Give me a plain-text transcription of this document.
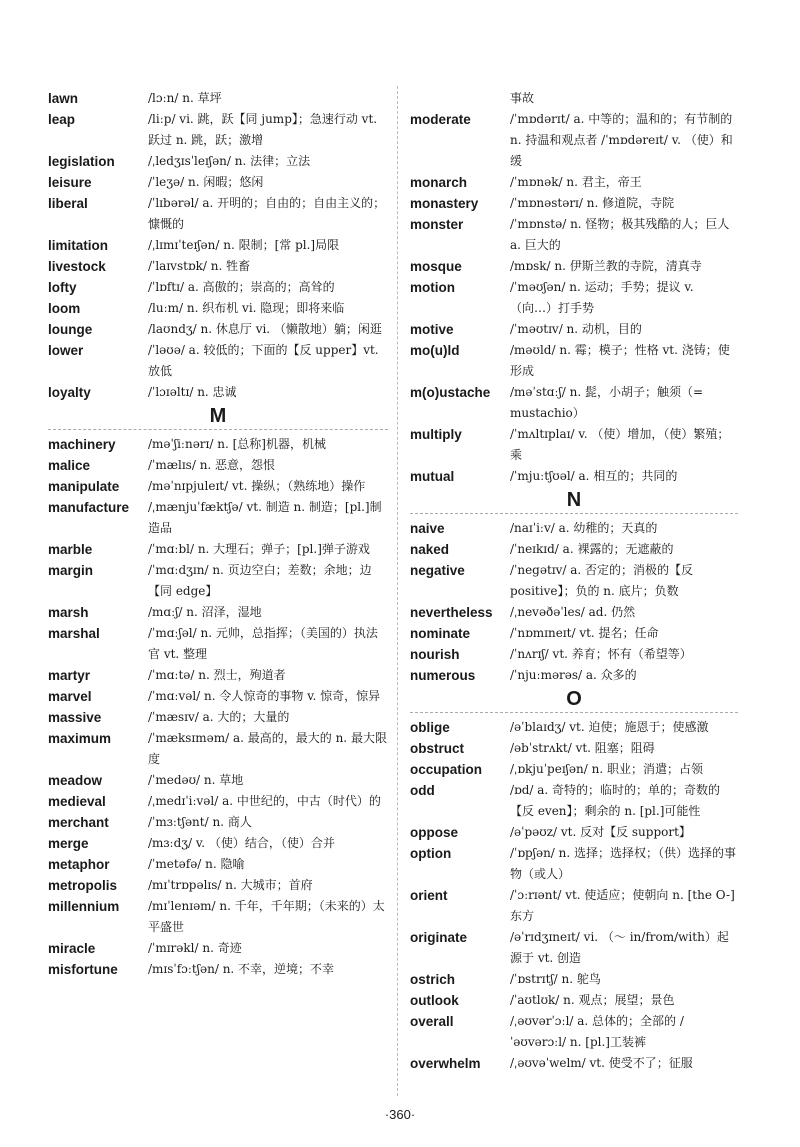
lawn	/lɔːn/ n. 草坪
leap	/liːp/ vi. 跳，跃【同 jump】；急速行动 vt. 跃过 n. 跳，跃；激增
legislation	/ˌledʒɪsˈleɪʃən/ n. 法律；立法
leisure	/ˈleʒə/ n. 闲暇；悠闲
liberal	/ˈlɪbərəl/ a. 开明的；自由的；自由主义的；慷慨的
limitation	/ˌlɪmɪˈteɪʃən/ n. 限制；[常 pl.]局限
livestock	/ˈlaɪvstɒk/ n. 牲畜
lofty	/ˈlɒftɪ/ a. 高傲的；崇高的；高耸的
loom	/luːm/ n. 织布机 vi. 隐现；即将来临
lounge	/laʊndʒ/ n. 休息厅 vi. （懒散地）躺；闲逛
lower	/ˈləʊə/ a. 较低的；下面的【反 upper】vt. 放低
loyalty	/ˈlɔɪəltɪ/ n. 忠诚
M
machinery	/məˈʃiːnərɪ/ n. [总称]机器，机械
malice	/ˈmælɪs/ n. 恶意，怨恨
manipulate	/məˈnɪpjuleɪt/ vt. 操纵；（熟练地）操作
manufacture	/ˌmænjuˈfæktʃə/ vt. 制造 n. 制造；[pl.]制造品
marble	/ˈmɑːbl/ n. 大理石；弹子；[pl.]弹子游戏
margin	/ˈmɑːdʒɪn/ n. 页边空白；差数；余地；边【同 edge】
marsh	/mɑːʃ/ n. 沼泽，湿地
marshal	/ˈmɑːʃəl/ n. 元帅，总指挥；（美国的）执法官 vt. 整理
martyr	/ˈmɑːtə/ n. 烈士，殉道者
marvel	/ˈmɑːvəl/ n. 令人惊奇的事物 v. 惊奇，惊异
massive	/ˈmæsɪv/ a. 大的；大量的
maximum	/ˈmæksɪməm/ a. 最高的，最大的 n. 最大限度
meadow	/ˈmedəʊ/ n. 草地
medieval	/ˌmedɪˈiːvəl/ a. 中世纪的，中古（时代）的
merchant	/ˈmɜːtʃənt/ n. 商人
merge	/mɜːdʒ/ v. （使）结合，（使）合并
metaphor	/ˈmetəfə/ n. 隐喻
metropolis	/mɪˈtrɒpəlɪs/ n. 大城市；首府
millennium	/mɪˈlenɪəm/ n. 千年，千年期；（未来的）太平盛世
miracle	/ˈmɪrəkl/ n. 奇迹
misfortune	/mɪsˈfɔːtʃən/ n. 不幸，逆境；不幸
事故
moderate	/ˈmɒdərɪt/ a. 中等的；温和的；有节制的 n. 持温和观点者 /ˈmɒdəreɪt/ v. （使）和缓
monarch	/ˈmɒnək/ n. 君主，帝王
monastery	/ˈmɒnəstərɪ/ n. 修道院，寺院
monster	/ˈmɒnstə/ n. 怪物；极其残酷的人；巨人 a. 巨大的
mosque	/mɒsk/ n. 伊斯兰教的寺院，清真寺
motion	/ˈməʊʃən/ n. 运动；手势；提议 v. （向…）打手势
motive	/ˈməʊtɪv/ n. 动机，目的
mo(u)ld	/məʊld/ n. 霉；模子；性格 vt. 浇铸；使形成
m(o)ustache	/məˈstɑːʃ/ n. 髭，小胡子；触须（= mustachio）
multiply	/ˈmʌltɪplaɪ/ v. （使）增加，（使）繁殖；乘
mutual	/ˈmjuːtʃʊəl/ a. 相互的；共同的
N
naive	/naɪˈiːv/ a. 幼稚的；天真的
naked	/ˈneɪkɪd/ a. 裸露的；无遮蔽的
negative	/ˈnegətɪv/ a. 否定的；消极的【反 positive】；负的 n. 底片；负数
nevertheless	/ˌnevəðəˈles/ ad. 仍然
nominate	/ˈnɒmɪneɪt/ vt. 提名；任命
nourish	/ˈnʌrɪʃ/ vt. 养育；怀有（希望等）
numerous	/ˈnjuːmərəs/ a. 众多的
O
oblige	/əˈblaɪdʒ/ vt. 迫使；施恩于；使感激
obstruct	/əbˈstrʌkt/ vt. 阻塞；阻碍
occupation	/ˌɒkjuˈpeɪʃən/ n. 职业；消遣；占领
odd	/ɒd/ a. 奇特的；临时的；单的；奇数的【反 even】；剩余的 n. [pl.]可能性
oppose	/əˈpəʊz/ vt. 反对【反 support】
option	/ˈɒpʃən/ n. 选择；选择权；（供）选择的事物（或人）
orient	/ˈɔːrɪənt/ vt. 使适应；使朝向 n. [the O-]东方
originate	/əˈrɪdʒɪneɪt/ vi. （～ in/from/with）起源于 vt. 创造
ostrich	/ˈɒstrɪtʃ/ n. 鸵鸟
outlook	/ˈaʊtlʊk/ n. 观点；展望；景色
overall	/ˌəʊvərˈɔːl/ a. 总体的；全部的 /ˈəʊvərɔːl/ n. [pl.]工装裤
overwhelm	/ˌəʊvəˈwelm/ vt. 使受不了；征服
·360·
